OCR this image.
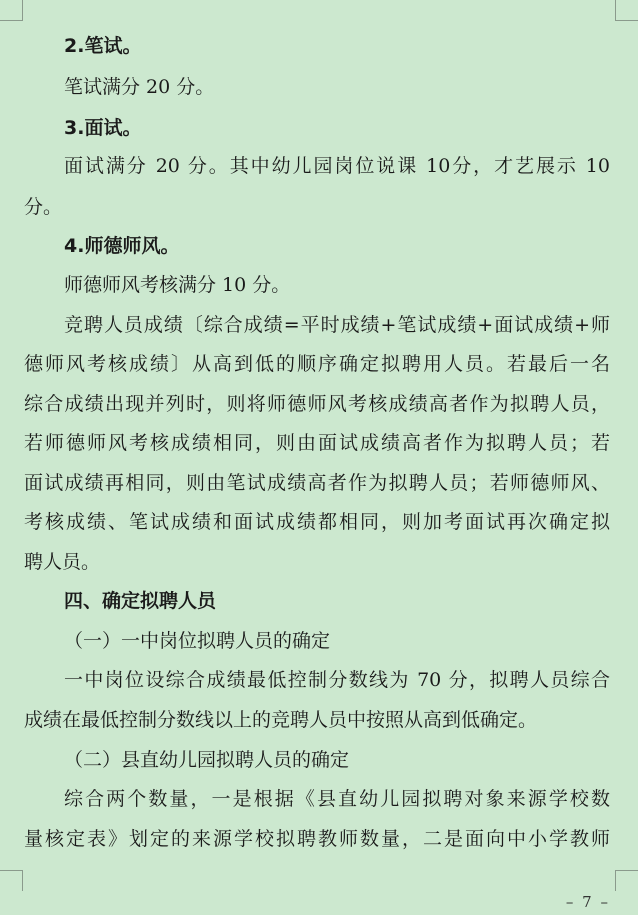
2.笔试。
笔试满分 20 分。
3.面试。
面试满分 20 分。其中幼儿园岗位说课 10分，才艺展示 10
分。
4.师德师风。
师德师风考核满分 10 分。
竞聘人员成绩〔综合成绩=平时成绩+笔试成绩+面试成绩+师
德师风考核成绩〕从高到低的顺序确定拟聘用人员。若最后一名
综合成绩出现并列时，则将师德师风考核成绩高者作为拟聘人员，
若师德师风考核成绩相同，则由面试成绩高者作为拟聘人员；若
面试成绩再相同，则由笔试成绩高者作为拟聘人员；若师德师风、
考核成绩、笔试成绩和面试成绩都相同，则加考面试再次确定拟
聘人员。
四、确定拟聘人员
（一）一中岗位拟聘人员的确定
一中岗位设综合成绩最低控制分数线为 70 分，拟聘人员综合
成绩在最低控制分数线以上的竞聘人员中按照从高到低确定。
（二）县直幼儿园拟聘人员的确定
综合两个数量，一是根据《县直幼儿园拟聘对象来源学校数
量核定表》划定的来源学校拟聘教师数量，二是面向中小学教师
– 7 –
